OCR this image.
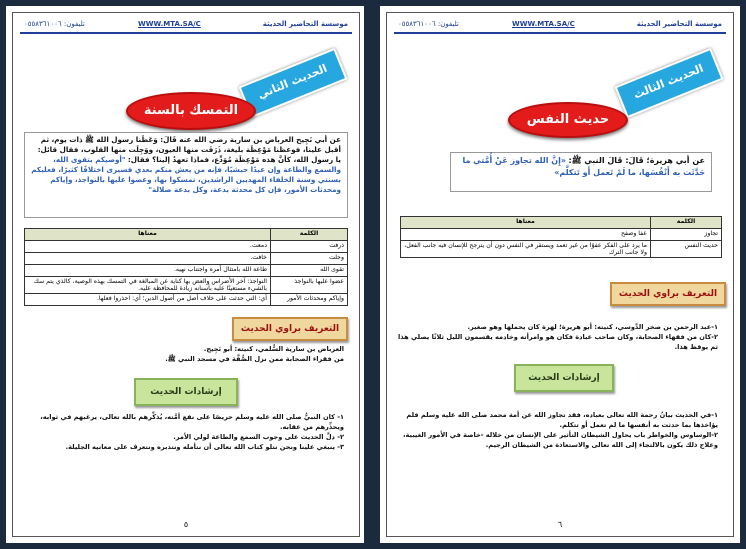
موسسة التحاضير الحديثة
WWW.MTA.SA/C
تليفون: ٠٥٥٨٣٦١٠٠٦
الحديث الثاني
التمسك بالسنة
عن أبي نَجِيح العرباض بن سارية رضي الله عنه قَالَ: وَعَظَنا رسول الله ﷺ ذات يوم، ثم أقبل علينا، فوعظنا مَوْعِظَة بليغة، ذَرَفَت منها العيون، ووَجِلَت منها القلوب، فقال قائل: يا رسول الله، كأنَّ هذه مَوْعِظَة مُوَدِّع، فماذا تعهدُ إلينا؟ فقال: "أوصيكم بتقوى الله، والسمع والطاعة وإن عبدًا حبشيًا، فإنه من يعش منكم بعدي فسيرى اختلافًا كثيرًا، فعليكم بسنتي وسنة الخلفاء المهديين الراشدين، تمسكوا بها، وعضوا عليها بالنواجذ، وإياكم ومحدثات الأمور، فإن كل محدثة بدعة، وكل بدعة ضلالة"
الكلمة	معناها
ذرفت	دمعت.
وجلت	خافت.
تقوى الله	طاعة الله بامتثال أمره واجتناب نهيه.
عضوا عليها بالنواجذ	النواجذ: آخر الأضراس والعض بها كناية عن المبالغة في التمسك بهذه الوصية، كالذي يتم سك بالشيء مستعينًا عليه بأسنانه زيادة للمحافظة عليه.
وإياكم ومحدثات الأمور	أي: التي حدثت على خلاف أصل من أصول الدين؛ أي: احذروا فعلها.
التعريف براوي الحديث
العرباض بن سارية السُّلمي، كنيته: أبو نَجِيح.
من فقراء الصحابة ممن نزل الصُّفَّة في مسجد النبي ﷺ.
إرشادات الحديث
١- كان النبيُّ صلى الله عليه وسلم حريصًا على نفع أمَّته، يُذكِّرهم بالله تعالى، يرغبهم في ثوابه، ويحذِّرهم من عقابه.
٢- دلَّ الحديث على وجوب السمع والطاعة لولي الأمر.
٣- ينبغي علينا ونحن نتلو كتاب الله تعالى أن نتأمله ونتدبره ونتعرف على معانيه الجليلة.
٥
موسسة التحاضير الحديثة
WWW.MTA.SA/C
تليفون: ٠٥٥٨٣٦١٠٠٦
الحديث الثالث
حديث النفس
عن أبي هريرة؛ قَالَ: قَالَ النبي ﷺ: «إِنَّ الله تجاوز عَنْ أُمَّتي ما حَدَّثَت به أَنْفُسَها، ما لَمْ تَعمل أَو تَتكلَّم»
الكلمة	معناها
تجاوز	عفا وصفح
حديث النفس	ما يرد على الفكر عفوًا من غير تعمد ويستقر في النفس دون أن يترجح للإنسان فيه جانب الفعل، ولا جانب الترك
التعريف براوي الحديث
١-عبد الرحمن بن صخر الدَّوسي، كنيته: أبو هريرة؛ لهرة كان يحملها وهو صغير.
٢-كان من فقهاء الصحابة، وكان صاحب عبادة فكان هو وامرأته وخادمه يقسمون الليل ثلاثًا يصلي هذا ثم يوقظ هذا.
إرشادات الحديث
١-في الحديث بيانُ رحمة الله تعالى بعباده، فقد تجاوز الله عن أمة محمد صلى الله عليه وسلم فلم يؤاخذها بما حدثت به أنفسها ما لم تعمل أو تتكلم.
٢-الوساوس والخواطر باب يحاول الشيطان التأثير على الإنسان من خلاله -خاصة في الأمور الغيبية، وعلاج ذلك يكون بالالتجاء إلى الله تعالى والاستعاذة من الشيطان الرجيم.
٦
